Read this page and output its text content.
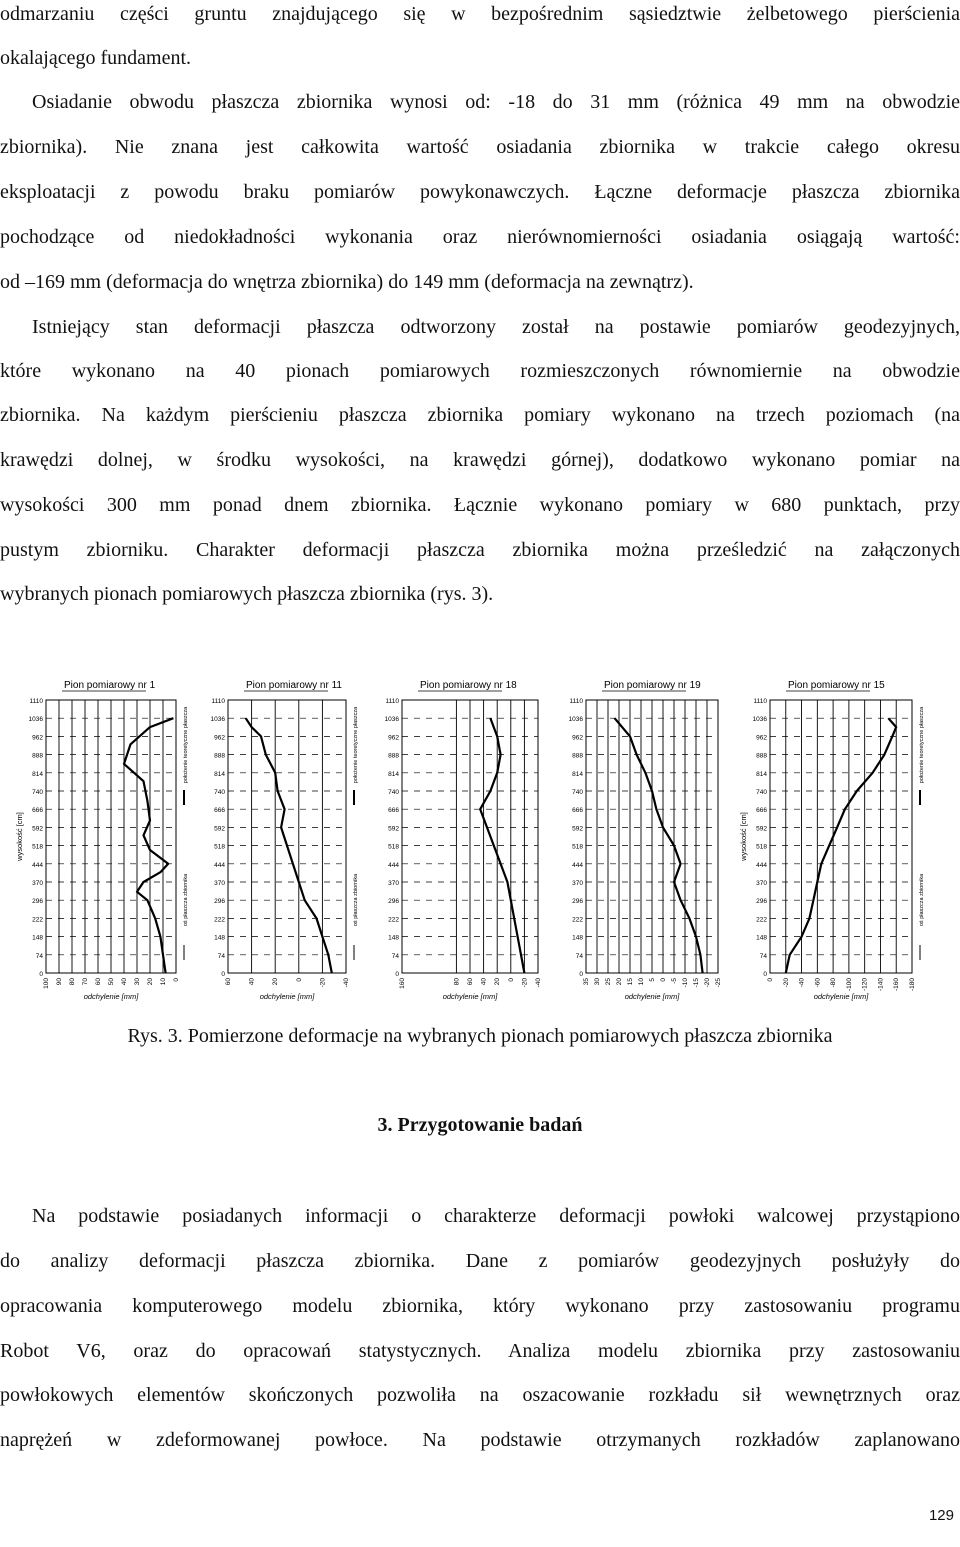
odmarzaniu części gruntu znajdującego się w bezpośrednim sąsiedztwie żelbetowego pierścienia
okalającego fundament.
Osiadanie obwodu płaszcza zbiornika wynosi od: -18 do 31 mm (różnica 49 mm na obwodzie
zbiornika). Nie znana jest całkowita wartość osiadania zbiornika w trakcie całego okresu
eksploatacji z powodu braku pomiarów powykonawczych. Łączne deformacje płaszcza zbiornika
pochodzące od niedokładności wykonania oraz nierównomierności osiadania osiągają wartość:
od –169 mm (deformacja do wnętrza zbiornika) do 149 mm (deformacja na zewnątrz).
Istniejący stan deformacji płaszcza odtworzony został na postawie pomiarów geodezyjnych,
które wykonano na 40 pionach pomiarowych rozmieszczonych równomiernie na obwodzie
zbiornika. Na każdym pierścieniu płaszcza zbiornika pomiary wykonano na trzech poziomach (na
krawędzi dolnej, w środku wysokości, na krawędzi górnej), dodatkowo wykonano pomiar na
wysokości 300 mm ponad dnem zbiornika. Łącznie wykonano pomiary w 680 punktach, przy
pustym zbiorniku. Charakter deformacji płaszcza zbiornika można prześledzić na załączonych
wybranych pionach pomiarowych płaszcza zbiornika (rys. 3).
Pion pomiarowy nr 1
0
74
148
222
296
370
444
518
592
666
740
814
888
962
1036
1110
100 90 80 70 60 50 40 30 20 10 0
odchylenie [mm]
wysokość [cm]
położenie teoretyczne płaszcza
oś płaszcza zbiornika
Pion pomiarowy nr 11
0
74
148
222
296
370
444
518
592
666
740
814
888
962
1036
1110
60	40	20	0	-20	-40
odchylenie [mm]
położenie teoretyczne płaszcza
oś płaszcza zbiornika
Pion pomiarowy nr 18
0
74
148
222
296
370
444
518
592
666
740
814
888
962
1036
1110
160	80 60 40 20 0 -20 -40
odchylenie [mm]
Pion pomiarowy nr 19
0
74
148
222
296
370
444
518
592
666
740
814
888
962
1036
1110
35 30 25 20 15 10 5 0 -5 -10 -15 -20 -25
odchylenie [mm]
Pion pomiarowy nr 15
0
74
148
222
296
370
444
518
592
666
740
814
888
962
1036
1110
0 -20 -40 -60 -80 -100 -120 -140 -160 -180
odchylenie [mm]
wysokość [cm]
położenie teoretyczne płaszcza
oś płaszcza zbiornika
Rys. 3. Pomierzone deformacje na wybranych pionach pomiarowych płaszcza zbiornika
3. Przygotowanie badań
Na podstawie posiadanych informacji o charakterze deformacji powłoki walcowej przystąpiono
do analizy deformacji płaszcza zbiornika. Dane z pomiarów geodezyjnych posłużyły do
opracowania komputerowego modelu zbiornika, który wykonano przy zastosowaniu programu
Robot V6, oraz do opracowań statystycznych. Analiza modelu zbiornika przy zastosowaniu
powłokowych elementów skończonych pozwoliła na oszacowanie rozkładu sił wewnętrznych oraz
naprężeń w zdeformowanej powłoce. Na podstawie otrzymanych rozkładów zaplanowano
129
